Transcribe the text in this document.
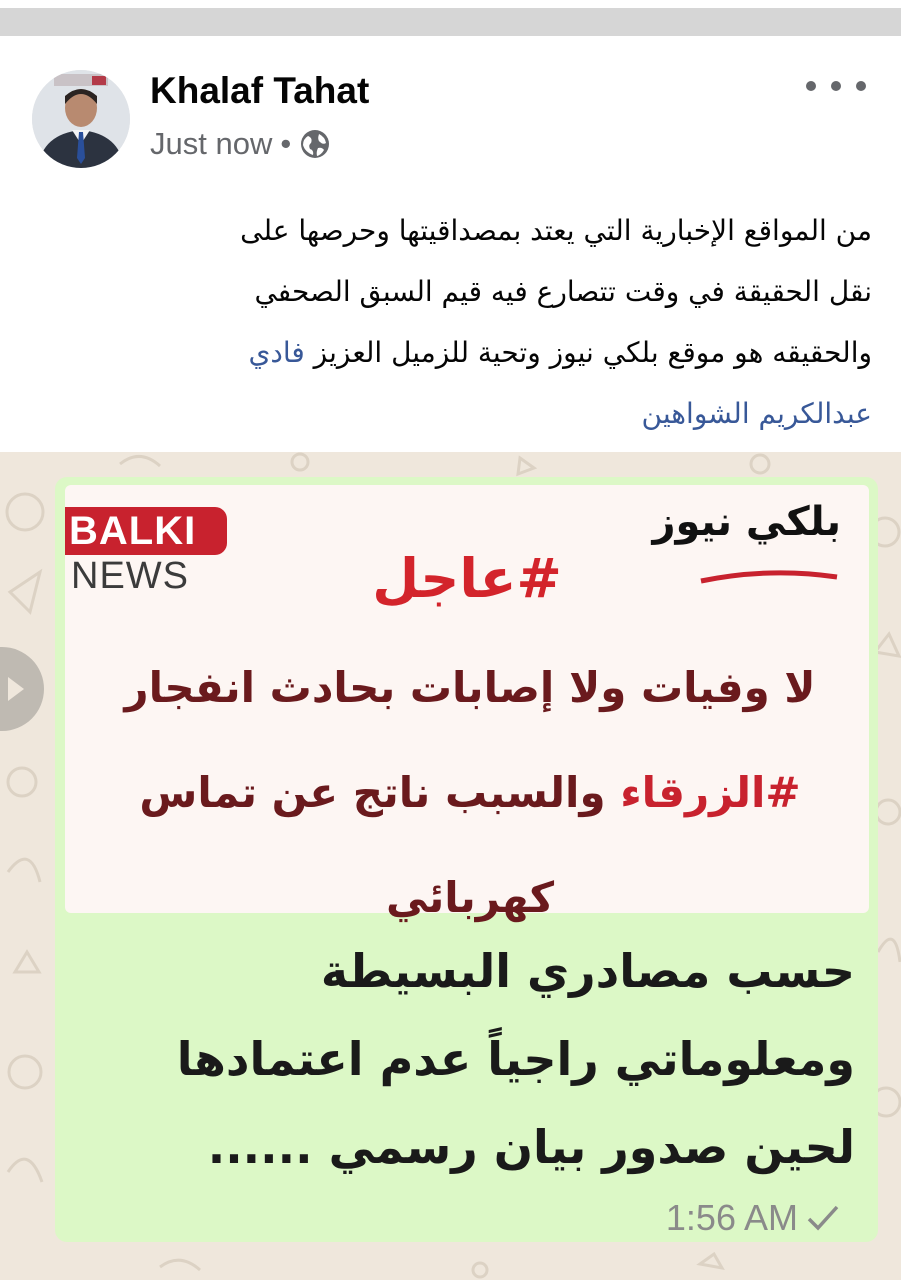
Khalaf Tahat
Just now •
من المواقع الإخبارية التي يعتد بمصداقيتها وحرصها على
نقل الحقيقة في وقت تتصارع فيه قيم السبق الصحفي
والحقيقه هو موقع بلكي نيوز وتحية للزميل العزيز فادي
عبدالكريم الشواهين
BALKI
NEWS
بلكي نيوز
#عاجل
لا وفيات ولا إصابات بحادث انفجار
#الزرقاء والسبب ناتج عن تماس
كهربائي
حسب مصادري البسيطة
ومعلوماتي راجياً عدم اعتمادها
لحين صدور بيان رسمي ......
1:56 AM
